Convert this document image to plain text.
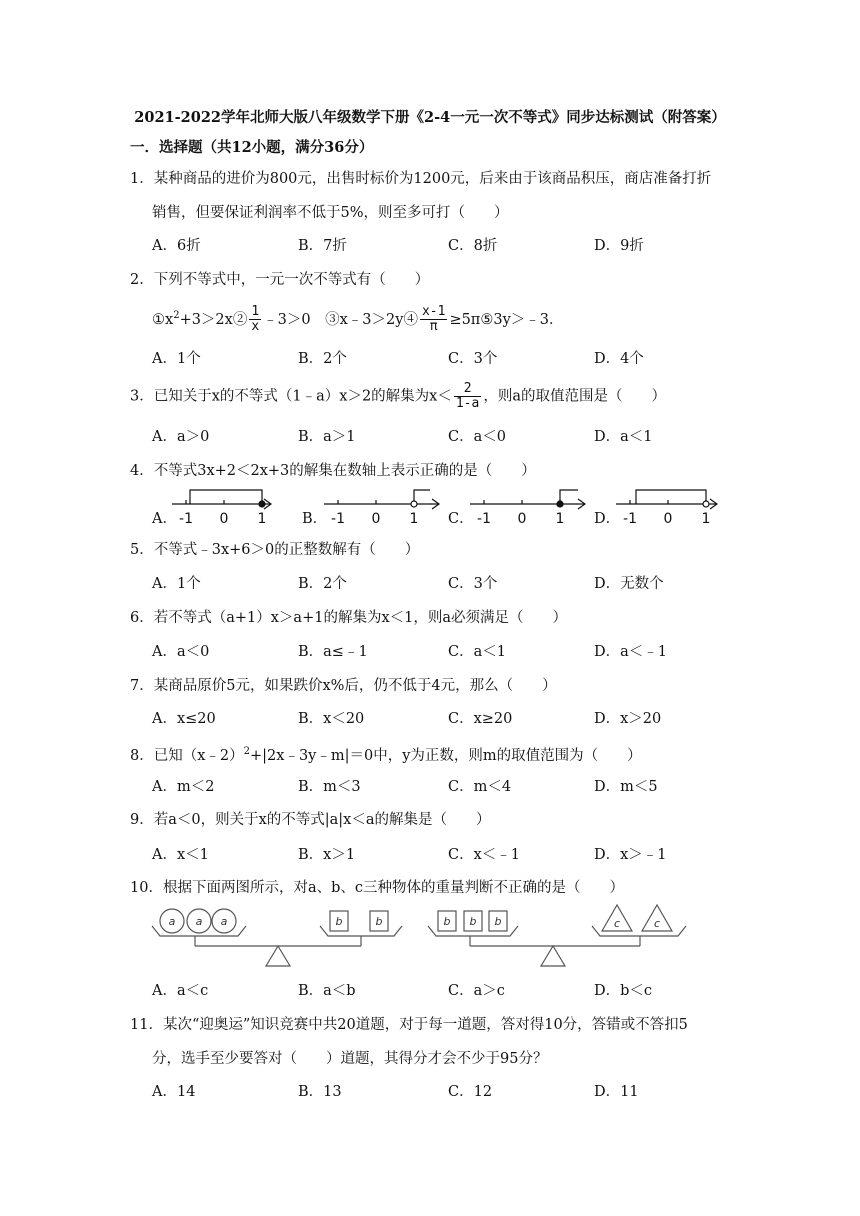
2021-2022学年北师大版八年级数学下册《2-4一元一次不等式》同步达标测试（附答案）
一．选择题（共12小题，满分36分）
1．某种商品的进价为800元，出售时标价为1200元，后来由于该商品积压，商店准备打折
销售，但要保证利润率不低于5%，则至多可打（　　）
A．6折	B．7折	C．8折	D．9折
2．下列不等式中，一元一次不等式有（　　）
$①x^2+3>2x② \frac{1}{x}$ ﹣3＞0　③x﹣3＞2y④ $\frac{x-1}{\pi}$ ≥5π⑤3y＞﹣3．
A．1个	B．2个	C．3个	D．4个
3．已知关于x的不等式（1﹣a）x＞2的解集为$x< \frac{2}{1-a}$ ，则a的取值范围是（　　）
A．a＞0	B．a＞1	C．a＜0	D．a＜1
4．不等式3x+2＜2x+3的解集在数轴上表示正确的是（　　）
A．	B．	C．	D．
-1 0 1	-1 0 1	-1 0 1	-1 0 1
a a a	b	b	b b b	c	c
5．不等式﹣3x+6＞0的正整数解有（　　）
A．1个	B．2个	C．3个	D．无数个
6．若不等式（a+1）x＞a+1的解集为x＜1，则a必须满足（　　）
A．a＜0	B．a≤﹣1	C．a＜1	D．a＜﹣1
7．某商品原价5元，如果跌价x%后，仍不低于4元，那么（　　）
A．x≤20	B．x＜20	C．x≥20	D．x＞20
8．已知（x﹣2）$^2$+|2x﹣3y﹣m|＝0中，y为正数，则m的取值范围为（　　）
A．m＜2	B．m＜3	C．m＜4	D．m＜5
9．若a＜0，则关于x的不等式|a|x＜a的解集是（　　）
A．x＜1	B．x＞1	C．x＜﹣1	D．x＞﹣1
10．根据下面两图所示，对a、b、c三种物体的重量判断不正确的是（　　）
A．a＜c	B．a＜b	C．a＞c	D．b＜c
11．某次“迎奥运”知识竞赛中共20道题，对于每一道题，答对得10分，答错或不答扣5
分，选手至少要答对（　　）道题，其得分才会不少于95分？
A．14	B．13	C．12	D．11
